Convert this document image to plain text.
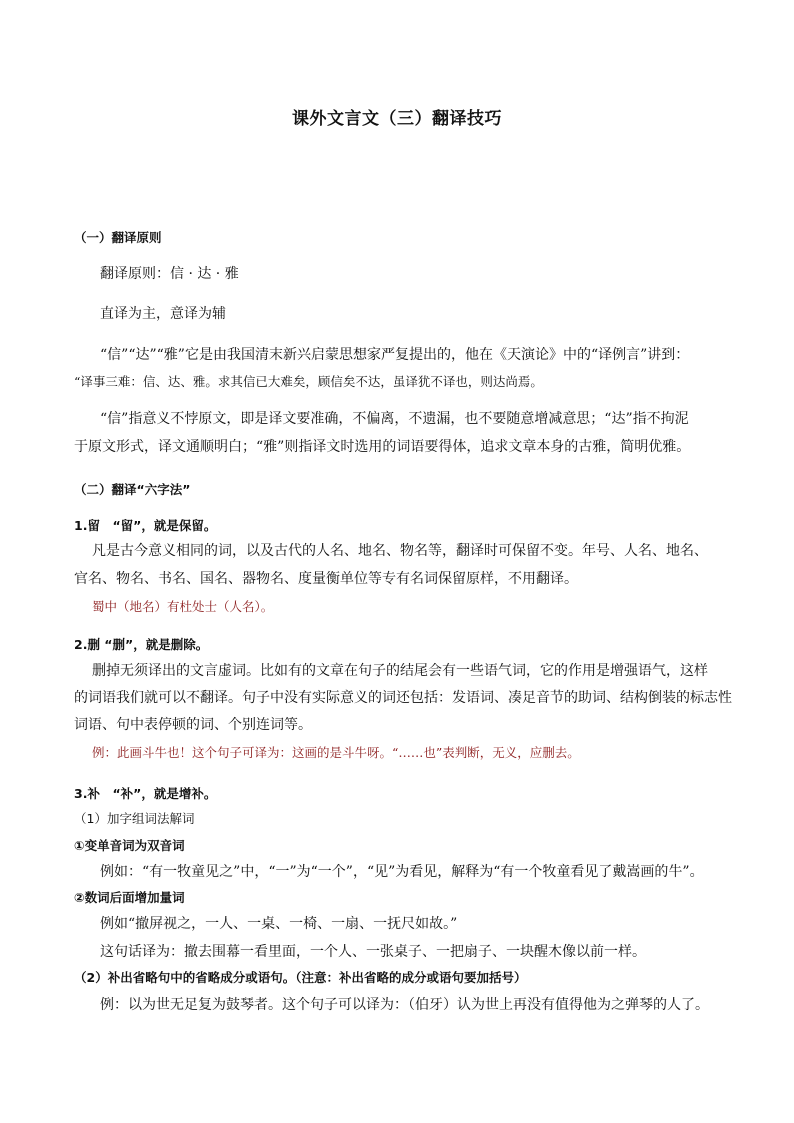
课外文言文（三）翻译技巧
（一）翻译原则
翻译原则：信 · 达 · 雅
直译为主，意译为辅
“信”“达”“雅”它是由我国清末新兴启蒙思想家严复提出的，他在《天演论》中的“译例言”讲到：
“译事三难：信、达、雅。求其信已大难矣，顾信矣不达，虽译犹不译也，则达尚焉。
“信”指意义不悖原文，即是译文要准确，不偏离，不遗漏，也不要随意增减意思；“达”指不拘泥
于原文形式，译文通顺明白；“雅”则指译文时选用的词语要得体，追求文章本身的古雅，简明优雅。
（二）翻译“六字法”
1.留　“留”，就是保留。
凡是古今意义相同的词，以及古代的人名、地名、物名等，翻译时可保留不变。年号、人名、地名、
官名、物名、书名、国名、器物名、度量衡单位等专有名词保留原样，不用翻译。
蜀中（地名）有杜处士（人名）。
2.删 “删”，就是删除。
删掉无须译出的文言虚词。比如有的文章在句子的结尾会有一些语气词，它的作用是增强语气，这样
的词语我们就可以不翻译。句子中没有实际意义的词还包括：发语词、凑足音节的助词、结构倒装的标志性
词语、句中表停顿的词、个别连词等。
例：此画斗牛也！这个句子可译为：这画的是斗牛呀。“……也”表判断，无义，应删去。
3.补　“补”，就是增补。
（1）加字组词法解词
①变单音词为双音词
例如：“有一牧童见之”中，“一”为“一个”，“见”为看见，解释为“有一个牧童看见了戴嵩画的牛”。
②数词后面增加量词
例如“撤屏视之，一人、一桌、一椅、一扇、一抚尺如故。”
这句话译为：撤去围幕一看里面，一个人、一张桌子、一把扇子、一块醒木像以前一样。
（2）补出省略句中的省略成分或语句。（注意：补出省略的成分或语句要加括号）
例：以为世无足复为鼓琴者。这个句子可以译为：（伯牙）认为世上再没有值得他为之弹琴的人了。
